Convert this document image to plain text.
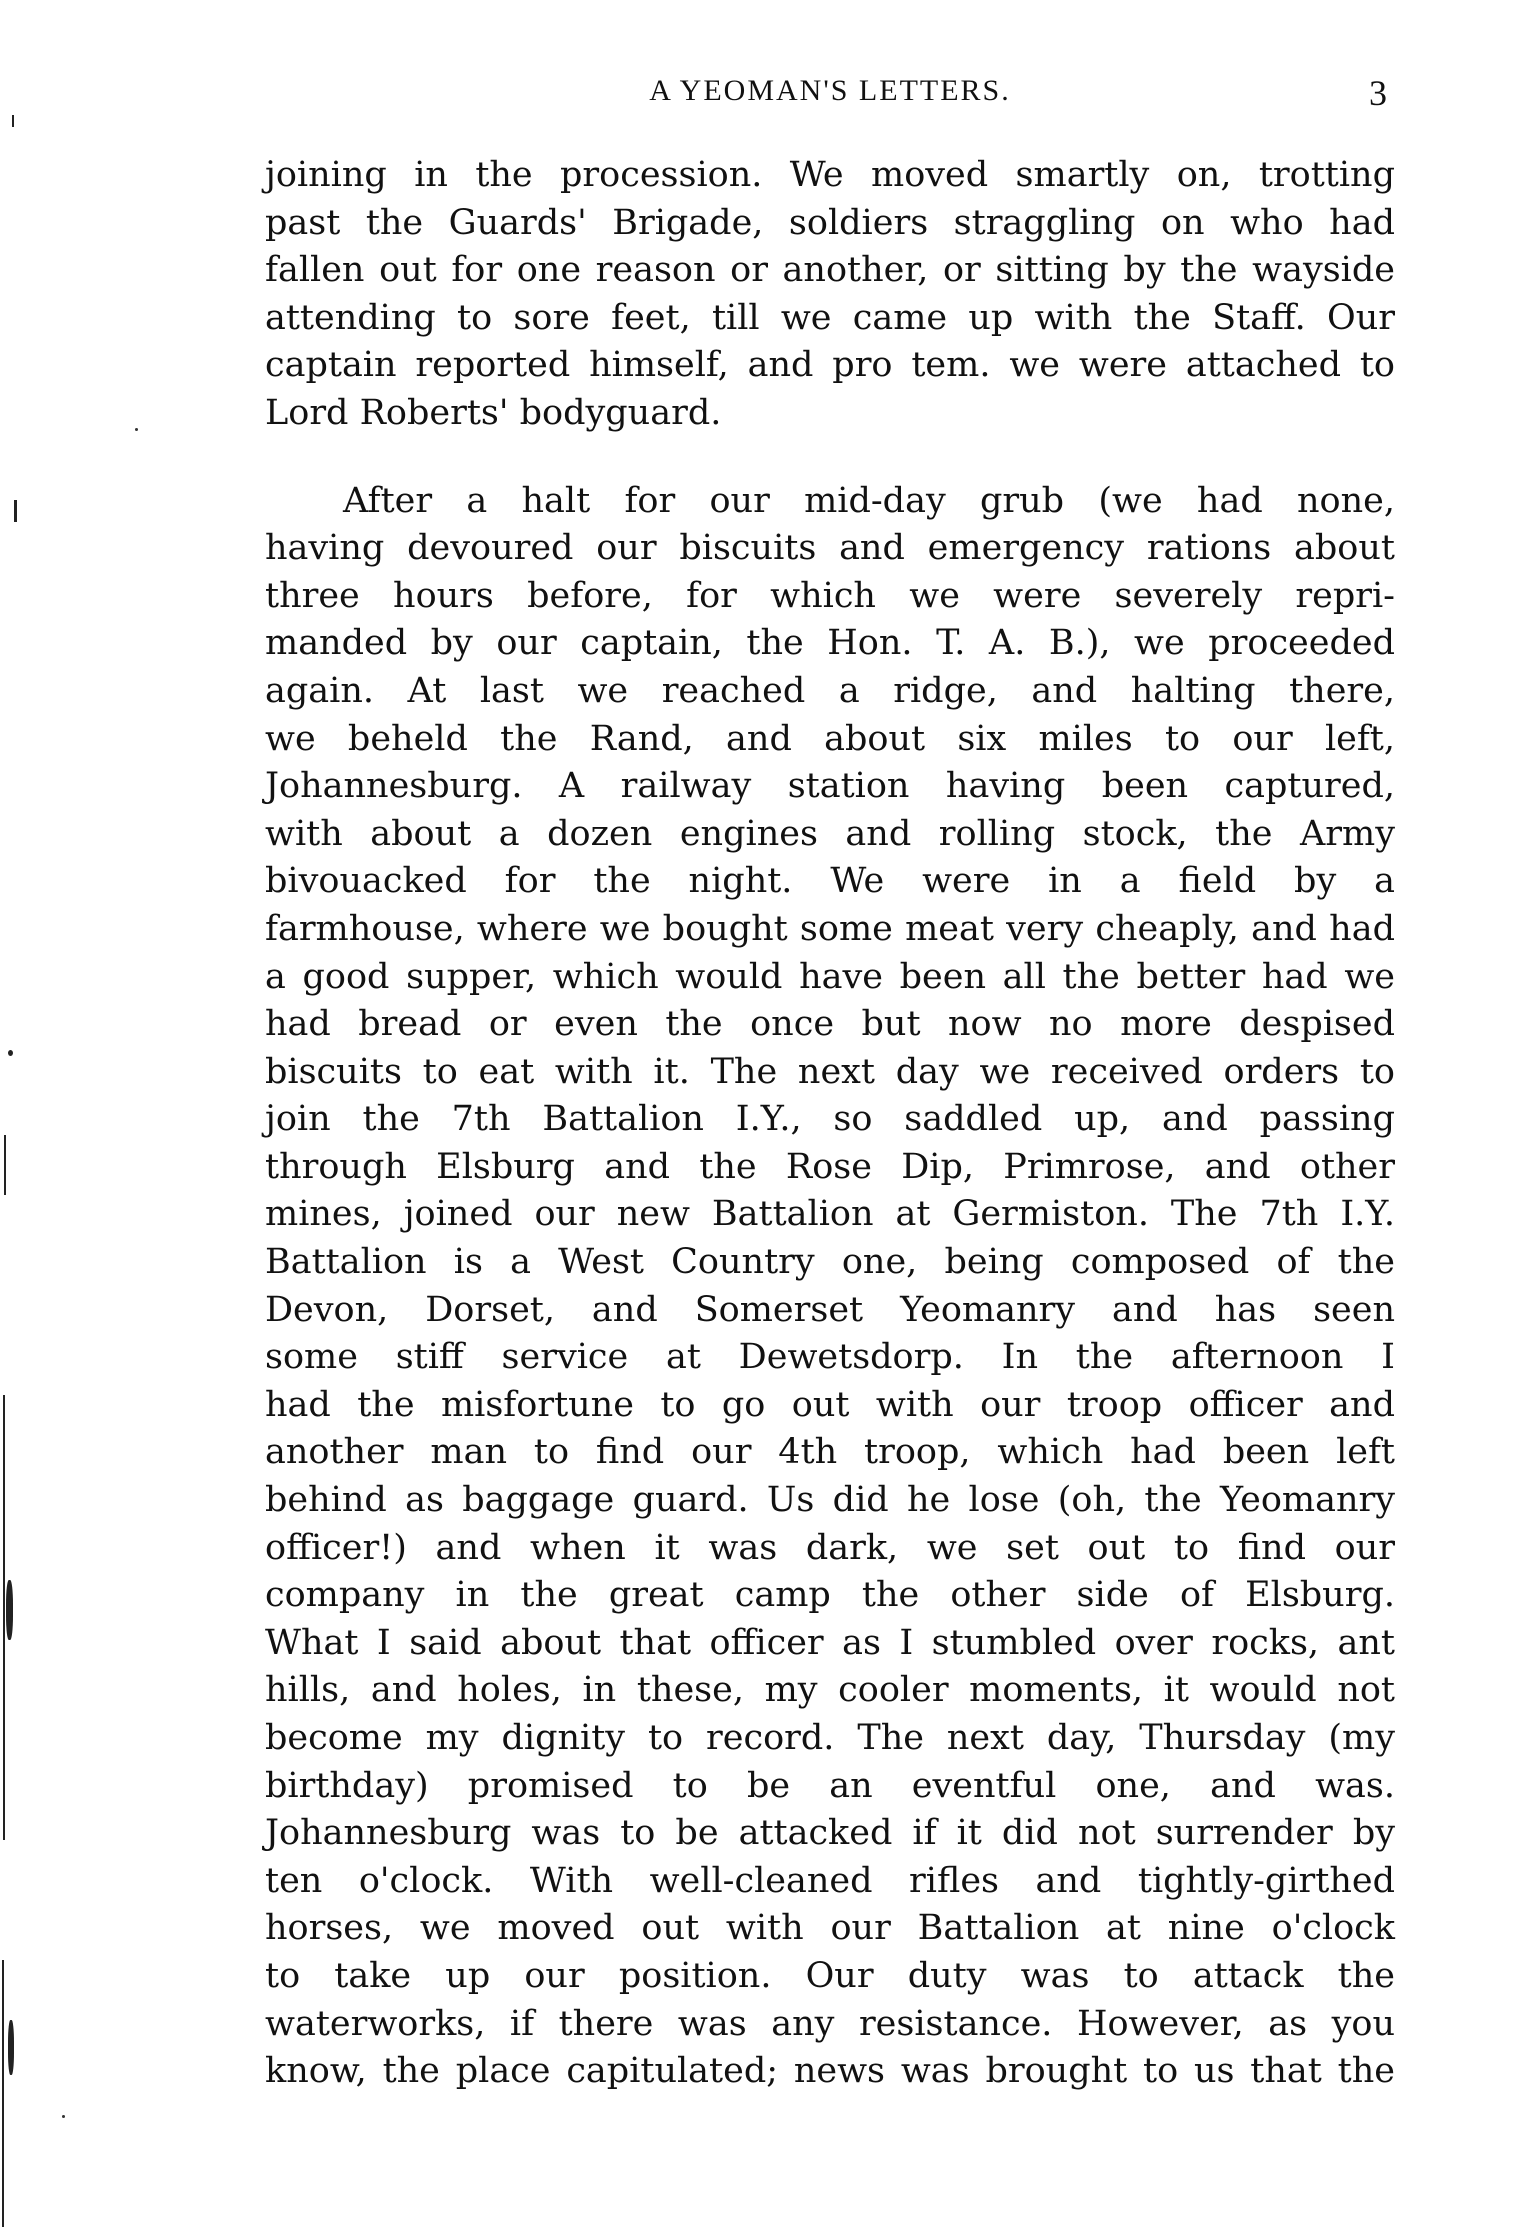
A YEOMAN'S LETTERS.	3
joining in the procession. We moved smartly on, trotting
past the Guards' Brigade, soldiers straggling on who had
fallen out for one reason or another, or sitting by the wayside
attending to sore feet, till we came up with the Staff. Our
captain reported himself, and pro tem. we were attached to
Lord Roberts' bodyguard.
After a halt for our mid-day grub (we had none,
having devoured our biscuits and emergency rations about
three hours before, for which we were severely repri-
manded by our captain, the Hon. T. A. B.), we proceeded
again. At last we reached a ridge, and halting there,
we beheld the Rand, and about six miles to our left,
Johannesburg. A railway station having been captured,
with about a dozen engines and rolling stock, the Army
bivouacked for the night. We were in a field by a
farmhouse, where we bought some meat very cheaply, and had
a good supper, which would have been all the better had we
had bread or even the once but now no more despised
biscuits to eat with it. The next day we received orders to
join the 7th Battalion I.Y., so saddled up, and passing
through Elsburg and the Rose Dip, Primrose, and other
mines, joined our new Battalion at Germiston. The 7th I.Y.
Battalion is a West Country one, being composed of the
Devon, Dorset, and Somerset Yeomanry and has seen
some stiff service at Dewetsdorp. In the afternoon I
had the misfortune to go out with our troop officer and
another man to find our 4th troop, which had been left
behind as baggage guard. Us did he lose (oh, the Yeomanry
officer!) and when it was dark, we set out to find our
company in the great camp the other side of Elsburg.
What I said about that officer as I stumbled over rocks, ant
hills, and holes, in these, my cooler moments, it would not
become my dignity to record. The next day, Thursday (my
birthday) promised to be an eventful one, and was.
Johannesburg was to be attacked if it did not surrender by
ten o'clock. With well-cleaned rifles and tightly-girthed
horses, we moved out with our Battalion at nine o'clock
to take up our position. Our duty was to attack the
waterworks, if there was any resistance. However, as you
know, the place capitulated; news was brought to us that the
